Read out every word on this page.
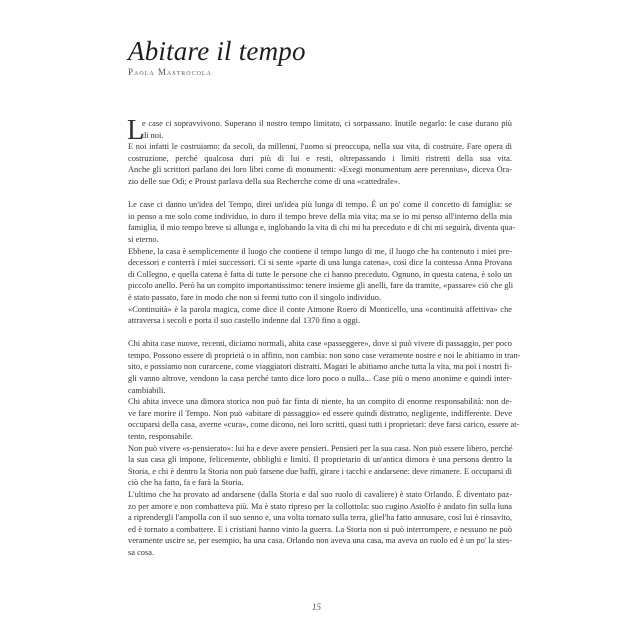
Abitare il tempo
Paola Mastrocola
L
e case ci sopravvivono. Superano il nostro tempo limitato, ci sorpassano. Inutile negarlo: le case durano più
di noi.
E noi infatti le costruiamo: da secoli, da millenni, l'uomo si preoccupa, nella sua vita, di costruire. Fare opera di
costruzione, perché qualcosa duri più di lui e resti, oltrepassando i limiti ristretti della sua vita.
Anche gli scrittori parlano dei loro libri come di monumenti: «Exegi monumentum aere perennius», diceva Ora-
zio delle sue Odi; e Proust parlava della sua Recherche come di una «cattedrale».
Le case ci danno un'idea del Tempo, direi un'idea più lunga di tempo. È un po' come il concetto di famiglia: se
io penso a me solo come individuo, io duro il tempo breve della mia vita; ma se io mi penso all'interno della mia
famiglia, il mio tempo breve si allunga e, inglobando la vita di chi mi ha preceduto e di chi mi seguirà, diventa qua-
si eterno.
Ebbene, la casa è semplicemente il luogo che contiene il tempo lungo di me, il luogo che ha contenuto i miei pre-
decessori e conterrà i miei successori. Ci si sente «parte di una lunga catena», così dice la contessa Anna Provana
di Collegno, e quella catena è fatta di tutte le persone che ci hanno preceduto. Ognuno, in questa catena, è solo un
piccolo anello. Però ha un compito importantissimo: tenere insieme gli anelli, fare da tramite, «passare» ciò che gli
è stato passato, fare in modo che non si fermi tutto con il singolo individuo.
«Continuità» è la parola magica, come dice il conte Aimone Roero di Monticello, una «continuità affettiva» che
attraversa i secoli e porta il suo castello indenne dal 1370 fino a oggi.
Chi abita case nuove, recenti, diciamo normali, abita case «passeggere», dove si può vivere di passaggio, per poco
tempo. Possono essere di proprietà o in affitto, non cambia: non sono case veramente nostre e noi le abitiamo in tran-
sito, e possiamo non curarcene, come viaggiatori distratti. Magari le abitiamo anche tutta la vita, ma poi i nostri fi-
gli vanno altrove, vendono la casa perché tanto dice loro poco o nulla... Case più o meno anonime e quindi inter-
cambiabili.
Chi abita invece una dimora storica non può far finta di niente, ha un compito di enorme responsabilità: non de-
ve fare morire il Tempo. Non può «abitare di passaggio» ed essere quindi distratto, negligente, indifferente. Deve
occuparsi della casa, averne «cura», come dicono, nei loro scritti, quasi tutti i proprietari: deve farsi carico, essere at-
tento, responsabile.
Non può vivere «s-pensierato»: lui ha e deve avere pensieri. Pensieri per la sua casa. Non può essere libero, perché
la sua casa gli impone, felicemente, obblighi e limiti. Il proprietario di un'antica dimora è una persona dentro la
Storia, e chi è dentro la Storia non può farsene due baffi, girare i tacchi e andarsene: deve rimanere. E occuparsi di
ciò che ha fatto, fa e farà la Storia.
L'ultimo che ha provato ad andarsene (dalla Storia e dal suo ruolo di cavaliere) è stato Orlando. È diventato paz-
zo per amore e non combatteva più. Ma è stato ripreso per la collottola: suo cugino Astolfo è andato fin sulla luna
a riprendergli l'ampolla con il suo senno e, una volta tornato sulla terra, gliel'ha fatto annusare, così lui è rinsavito,
ed è tornato a combattere. E i cristiani hanno vinto la guerra. La Storia non si può interrompere, e nessuno ne può
veramente uscire se, per esempio, ha una casa. Orlando non aveva una casa, ma aveva un ruolo ed è un po' la stes-
sa cosa.
15
